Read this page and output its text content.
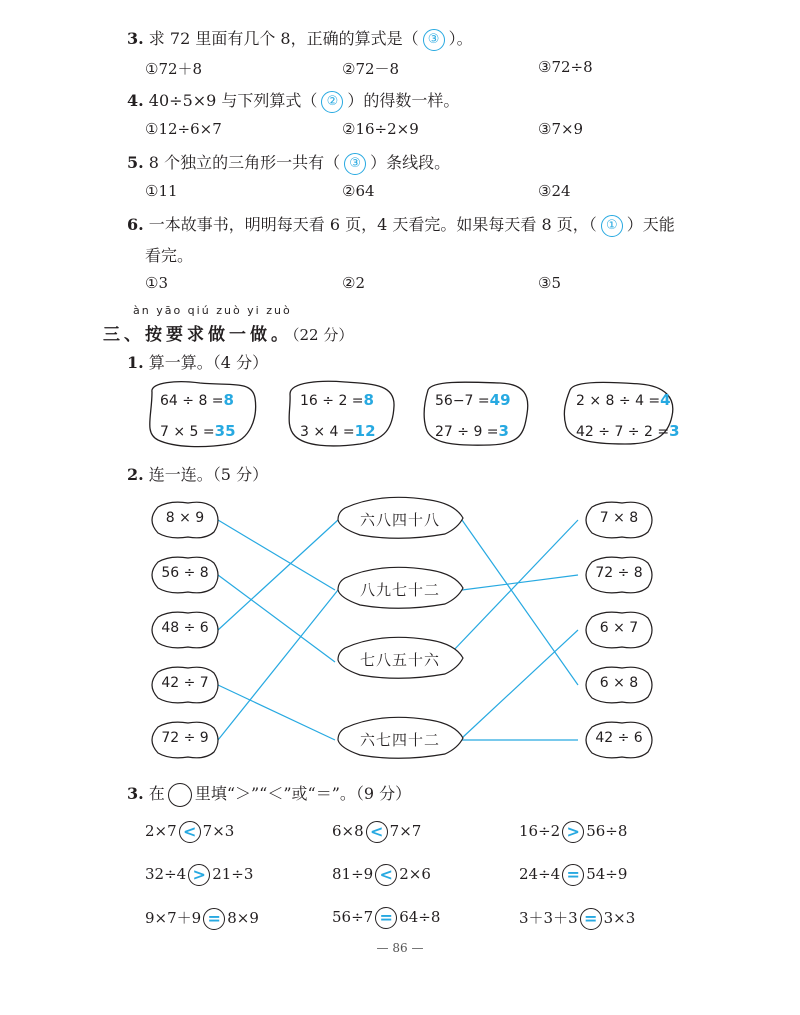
3. 求 72 里面有几个 8，正确的算式是（ ③ ）。
①72＋8	②72－8	③72÷8
4. 40÷5×9 与下列算式（ ② ）的得数一样。
①12÷6×7	②16÷2×9	③7×9
5. 8 个独立的三角形一共有（ ③ ）条线段。
①11	②64	③24
6. 一本故事书，明明每天看 6 页，4 天看完。如果每天看 8 页，（ ① ）天能
看完。
①3	②2	③5
àn yāo qiú zuò yi zuò
三、按要求做一做。（22 分）
1. 算一算。（4 分）
64 ÷ 8 =8
7 × 5 =35
16 ÷ 2 =8
3 × 4 =12
56−7 =49
27 ÷ 9 =3
2 × 8 ÷ 4 =4
42 ÷ 7 ÷ 2 =3
2. 连一连。（5 分）
8 × 9
56 ÷ 8
48 ÷ 6
42 ÷ 7
72 ÷ 9
7 × 8
72 ÷ 8
6 × 7
6 × 8
42 ÷ 6
六八四十八
八九七十二
七八五十六
六七四十二
3. 在 里填“＞”“＜”或“＝”。（9 分）
2×7 < 7×3	6×8 < 7×7	16÷2 > 56÷8
32÷4 > 21÷3	81÷9 < 2×6	24÷4 = 54÷9
9×7＋9 = 8×9	56÷7 = 64÷8	3＋3＋3 = 3×3
— 86 —
